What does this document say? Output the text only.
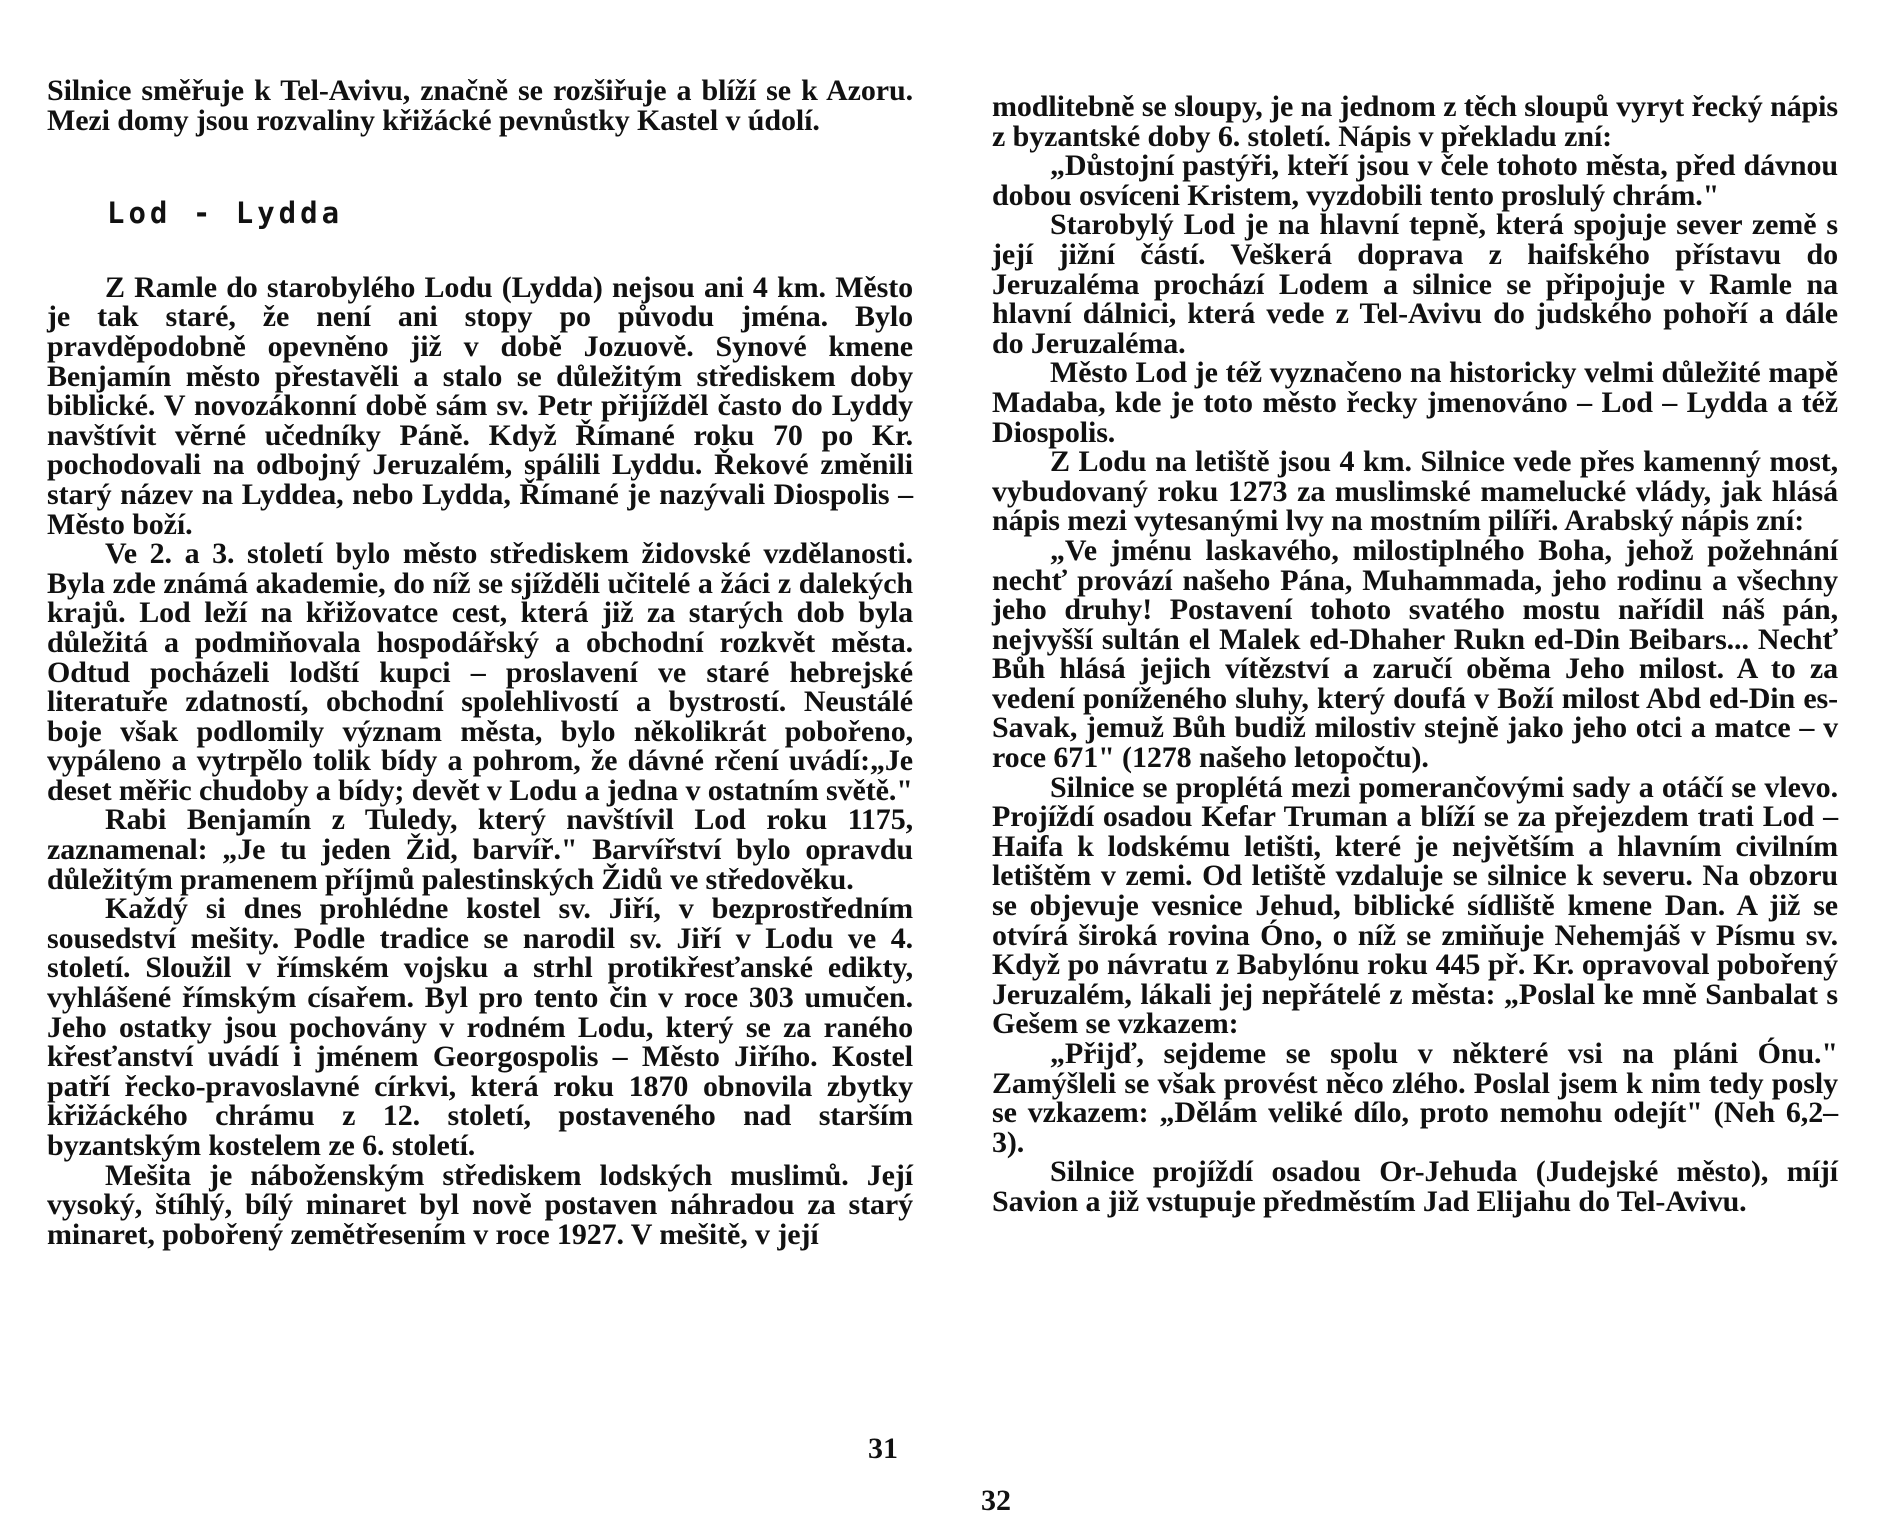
Silnice směřuje k Tel-Avivu, značně se rozšiřuje a blíží se k Azoru. Mezi domy jsou rozvaliny křižácké pevnůstky Kastel v údolí.

Lod - Lydda

Z Ramle do starobylého Lodu (Lydda) nejsou ani 4 km. Město je tak staré, že není ani stopy po původu jména. Bylo pravděpodobně opevněno již v době Jozuově. Synové kmene Benjamín město přestavěli a stalo se důležitým střediskem doby biblické. V novozákonní době sám sv. Petr přijížděl často do Lyddy navštívit věrné učedníky Páně. Když Římané roku 70 po Kr. pochodovali na odbojný Jeruzalém, spálili Lyddu. Řekové změnili starý název na Lyddea, nebo Lydda, Římané je nazývali Diospolis – Město boží.

Ve 2. a 3. století bylo město střediskem židovské vzdělanosti. Byla zde známá akademie, do níž se sjížděli učitelé a žáci z dalekých krajů. Lod leží na křižovatce cest, která již za starých dob byla důležitá a podmiňovala hospodářský a obchodní rozkvět města. Odtud pocházeli lodští kupci – proslavení ve staré hebrejské literatuře zdatností, obchodní spolehlivostí a bystrostí. Neustálé boje však podlomily význam města, bylo několikrát pobořeno, vypáleno a vytrpělo tolik bídy a pohrom, že dávné rčení uvádí:„Je deset měřic chudoby a bídy; devět v Lodu a jedna v ostatním světě."

Rabi Benjamín z Tuledy, který navštívil Lod roku 1175, zaznamenal: „Je tu jeden Žid, barvíř." Barvířství bylo opravdu důležitým pramenem příjmů palestinských Židů ve středověku.

Každý si dnes prohlédne kostel sv. Jiří, v bezprostředním sousedství mešity. Podle tradice se narodil sv. Jiří v Lodu ve 4. století. Sloužil v římském vojsku a strhl protikřesťanské edikty, vyhlášené římským císařem. Byl pro tento čin v roce 303 umučen. Jeho ostatky jsou pochovány v rodném Lodu, který se za raného křesťanství uvádí i jménem Georgospolis – Město Jiřího. Kostel patří řecko-pravoslavné církvi, která roku 1870 obnovila zbytky křižáckého chrámu z 12. století, postaveného nad starším byzantským kostelem ze 6. století.

Mešita je náboženským střediskem lodských muslimů. Její vysoký, štíhlý, bílý minaret byl nově postaven náhradou za starý minaret, pobořený zemětřesením v roce 1927. V mešitě, v její

31

modlitebně se sloupy, je na jednom z těch sloupů vyryt řecký nápis z byzantské doby 6. století. Nápis v překladu zní:

„Důstojní pastýři, kteří jsou v čele tohoto města, před dávnou dobou osvíceni Kristem, vyzdobili tento proslulý chrám."

Starobylý Lod je na hlavní tepně, která spojuje sever země s její jižní částí. Veškerá doprava z haifského přístavu do Jeruzaléma prochází Lodem a silnice se připojuje v Ramle na hlavní dálnici, která vede z Tel-Avivu do judského pohoří a dále do Jeruzaléma.

Město Lod je též vyznačeno na historicky velmi důležité mapě Madaba, kde je toto město řecky jmenováno – Lod – Lydda a též Diospolis.

Z Lodu na letiště jsou 4 km. Silnice vede přes kamenný most, vybudovaný roku 1273 za muslimské mamelucké vlády, jak hlásá nápis mezi vytesanými lvy na mostním pilíři. Arabský nápis zní:

„Ve jménu laskavého, milostiplného Boha, jehož požehnání nechť provází našeho Pána, Muhammada, jeho rodinu a všechny jeho druhy! Postavení tohoto svatého mostu nařídil náš pán, nejvyšší sultán el Malek ed-Dhaher Rukn ed-Din Beibars... Nechť Bůh hlásá jejich vítězství a zaručí oběma Jeho milost. A to za vedení poníženého sluhy, který doufá v Boží milost Abd ed-Din es-Savak, jemuž Bůh budiž milostiv stejně jako jeho otci a matce – v roce 671" (1278 našeho letopočtu).

Silnice se proplétá mezi pomerančovými sady a otáčí se vlevo. Projíždí osadou Kefar Truman a blíží se za přejezdem trati Lod – Haifa k lodskému letišti, které je největším a hlavním civilním letištěm v zemi. Od letiště vzdaluje se silnice k severu. Na obzoru se objevuje vesnice Jehud, biblické sídliště kmene Dan. A již se otvírá široká rovina Óno, o níž se zmiňuje Nehemjáš v Písmu sv. Když po návratu z Babylónu roku 445 př. Kr. opravoval pobořený Jeruzalém, lákali jej nepřátelé z města: „Poslal ke mně Sanbalat s Gešem se vzkazem:

„Přijď, sejdeme se spolu v některé vsi na pláni Ónu." Zamýšleli se však provést něco zlého. Poslal jsem k nim tedy posly se vzkazem: „Dělám veliké dílo, proto nemohu odejít" (Neh 6,2–3).

Silnice projíždí osadou Or-Jehuda (Judejské město), míjí Savion a již vstupuje předměstím Jad Elijahu do Tel-Avivu.

32
